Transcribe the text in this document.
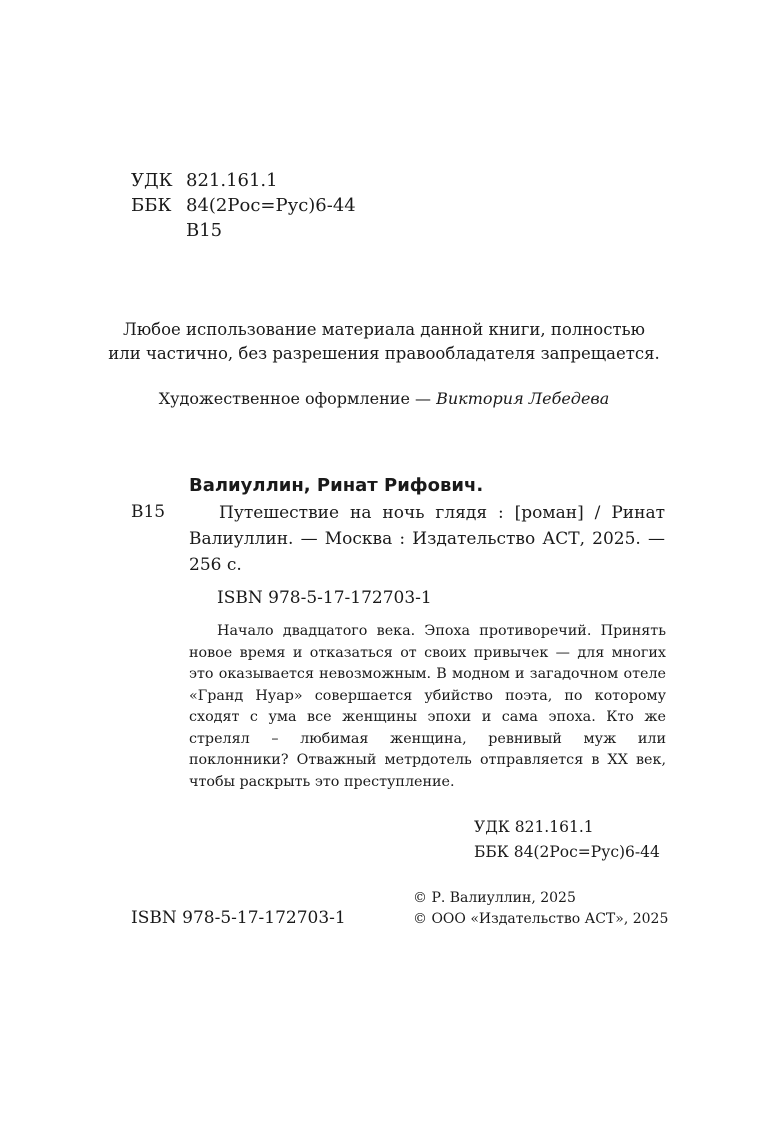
УДК 821.161.1
ББК 84(2Рос=Рус)6-44
В15
Любое использование материала данной книги, полностью
или частично, без разрешения правообладателя запрещается.
Художественное оформление — Виктория Лебедева
Валиуллин, Ринат Рифович.
В15	Путешествие на ночь глядя : [роман] / Ринат Валиуллин. — Москва : Издательство АСТ, 2025. — 256 с.
ISBN 978-5-17-172703-1
Начало двадцатого века. Эпоха противоречий. Принять новое время и отказаться от своих привычек — для многих это оказывается невозможным. В модном и загадочном отеле «Гранд Нуар» совершается убийство поэта, по которому сходят с ума все женщины эпохи и сама эпоха. Кто же стрелял – любимая женщина, ревнивый муж или поклонники? Отважный метрдотель отправляется в XX век, чтобы раскрыть это преступление.
УДК 821.161.1
ББК 84(2Рос=Рус)6-44
ISBN 978-5-17-172703-1
© Р. Валиуллин, 2025
© ООО «Издательство АСТ», 2025
